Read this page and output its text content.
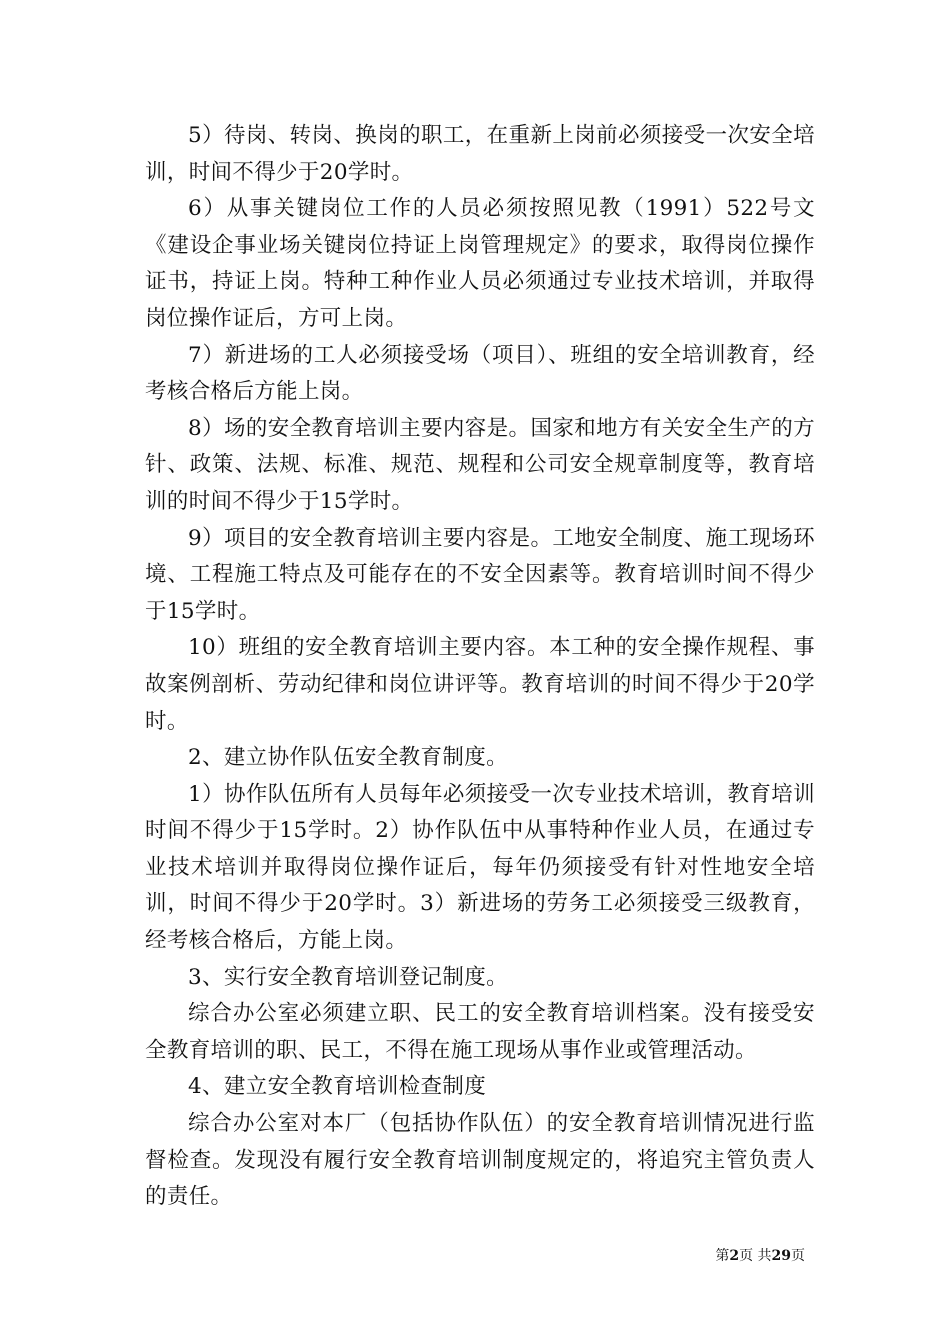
5）待岗、转岗、换岗的职工，在重新上岗前必须接受一次安全培训，时间不得少于20学时。

6）从事关键岗位工作的人员必须按照见教（1991）522号文《建设企事业场关键岗位持证上岗管理规定》的要求，取得岗位操作证书，持证上岗。特种工种作业人员必须通过专业技术培训，并取得岗位操作证后，方可上岗。

7）新进场的工人必须接受场（项目）、班组的安全培训教育，经考核合格后方能上岗。

8）场的安全教育培训主要内容是。国家和地方有关安全生产的方针、政策、法规、标准、规范、规程和公司安全规章制度等，教育培训的时间不得少于15学时。

9）项目的安全教育培训主要内容是。工地安全制度、施工现场环境、工程施工特点及可能存在的不安全因素等。教育培训时间不得少于15学时。

10）班组的安全教育培训主要内容。本工种的安全操作规程、事故案例剖析、劳动纪律和岗位讲评等。教育培训的时间不得少于20学时。

2、建立协作队伍安全教育制度。

1）协作队伍所有人员每年必须接受一次专业技术培训，教育培训时间不得少于15学时。2）协作队伍中从事特种作业人员，在通过专业技术培训并取得岗位操作证后，每年仍须接受有针对性地安全培训，时间不得少于20学时。3）新进场的劳务工必须接受三级教育，经考核合格后，方能上岗。

3、实行安全教育培训登记制度。

综合办公室必须建立职、民工的安全教育培训档案。没有接受安全教育培训的职、民工，不得在施工现场从事作业或管理活动。

4、建立安全教育培训检查制度

综合办公室对本厂（包括协作队伍）的安全教育培训情况进行监督检查。发现没有履行安全教育培训制度规定的，将追究主管负责人的责任。

第2页 共29页
